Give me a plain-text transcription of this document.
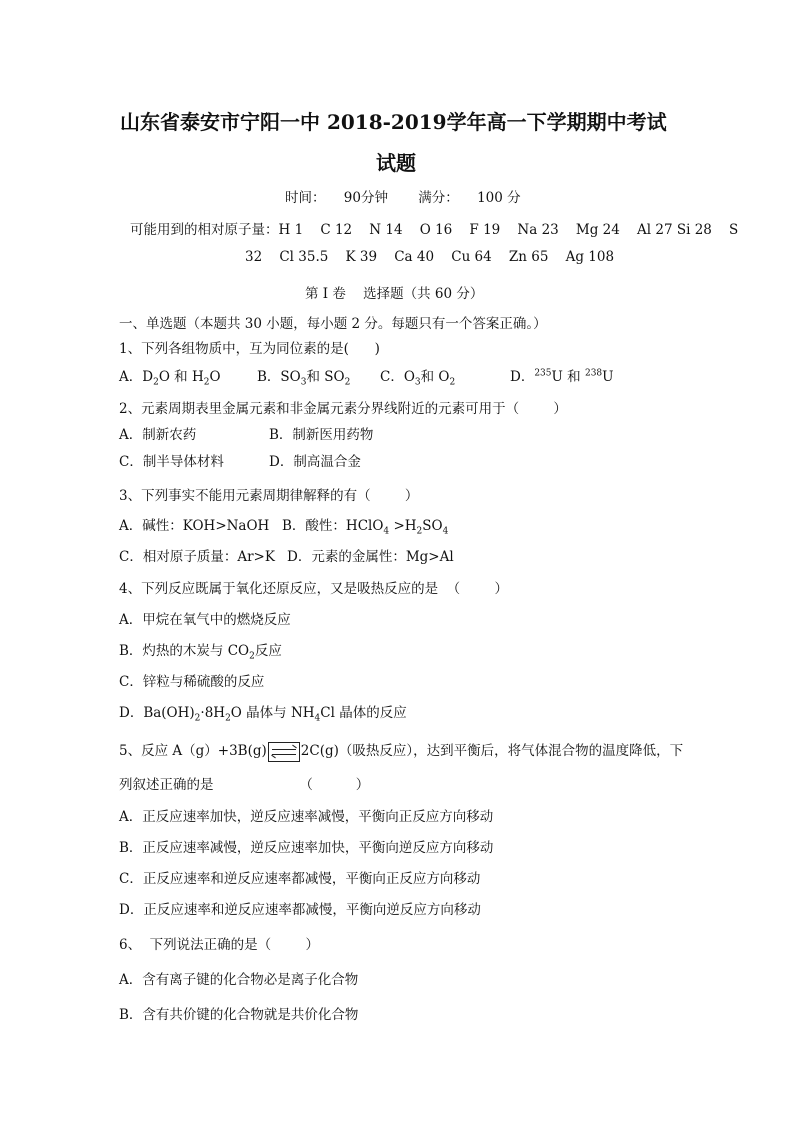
山东省泰安市宁阳一中 2018-2019学年高一下学期期中考试
试题
时间： 90分钟 满分： 100 分
可能用到的相对原子量：H 1    C 12    N 14    O 16    F 19    Na 23    Mg 24    Al 27 Si 28    S
32    Cl 35.5    K 39    Ca 40    Cu 64    Zn 65    Ag 108
第 I 卷    选择题（共 60 分）
一、单选题（本题共 30 小题，每小题 2 分。每题只有一个答案正确。）
1、下列各组物质中，互为同位素的是(      )
A．$D_2O$ 和 $H_2O$	B．$SO_3$和 $SO_2$ C．$O_3$和 $O_2$	D．$^{235}$U 和 $^{238}$U
2、元素周期表里金属元素和非金属元素分界线附近的元素可用于（        ）
A．制新农药	B．制新医用药物
C．制半导体材料	D．制高温合金
3、下列事实不能用元素周期律解释的有（        ）
A．碱性：KOH>NaOH B．酸性：HClO$_4$ $>H_2SO_4$
C．相对原子质量：Ar>K D．元素的金属性：Mg>Al
4、下列反应既属于氧化还原反应，又是吸热反应的是  （        ）
A．甲烷在氧气中的燃烧反应
B．灼热的木炭与 $CO_2$反应
C．锌粒与稀硫酸的反应
D．$Ba(OH)_2\cdot 8H_2O$ 晶体与 $NH_4Cl$ 晶体的反应
5、反应 A（g）+3B(g)	2C(g)（吸热反应），达到平衡后，将气体混合物的温度降低，下
列叙述正确的是                    （          ）
A．正反应速率加快，逆反应速率减慢，平衡向正反应方向移动
B．正反应速率减慢，逆反应速率加快，平衡向逆反应方向移动
C．正反应速率和逆反应速率都减慢，平衡向正反应方向移动
D．正反应速率和逆反应速率都减慢，平衡向逆反应方向移动
6、  下列说法正确的是（        ）
A．含有离子键的化合物必是离子化合物
B．含有共价键的化合物就是共价化合物
